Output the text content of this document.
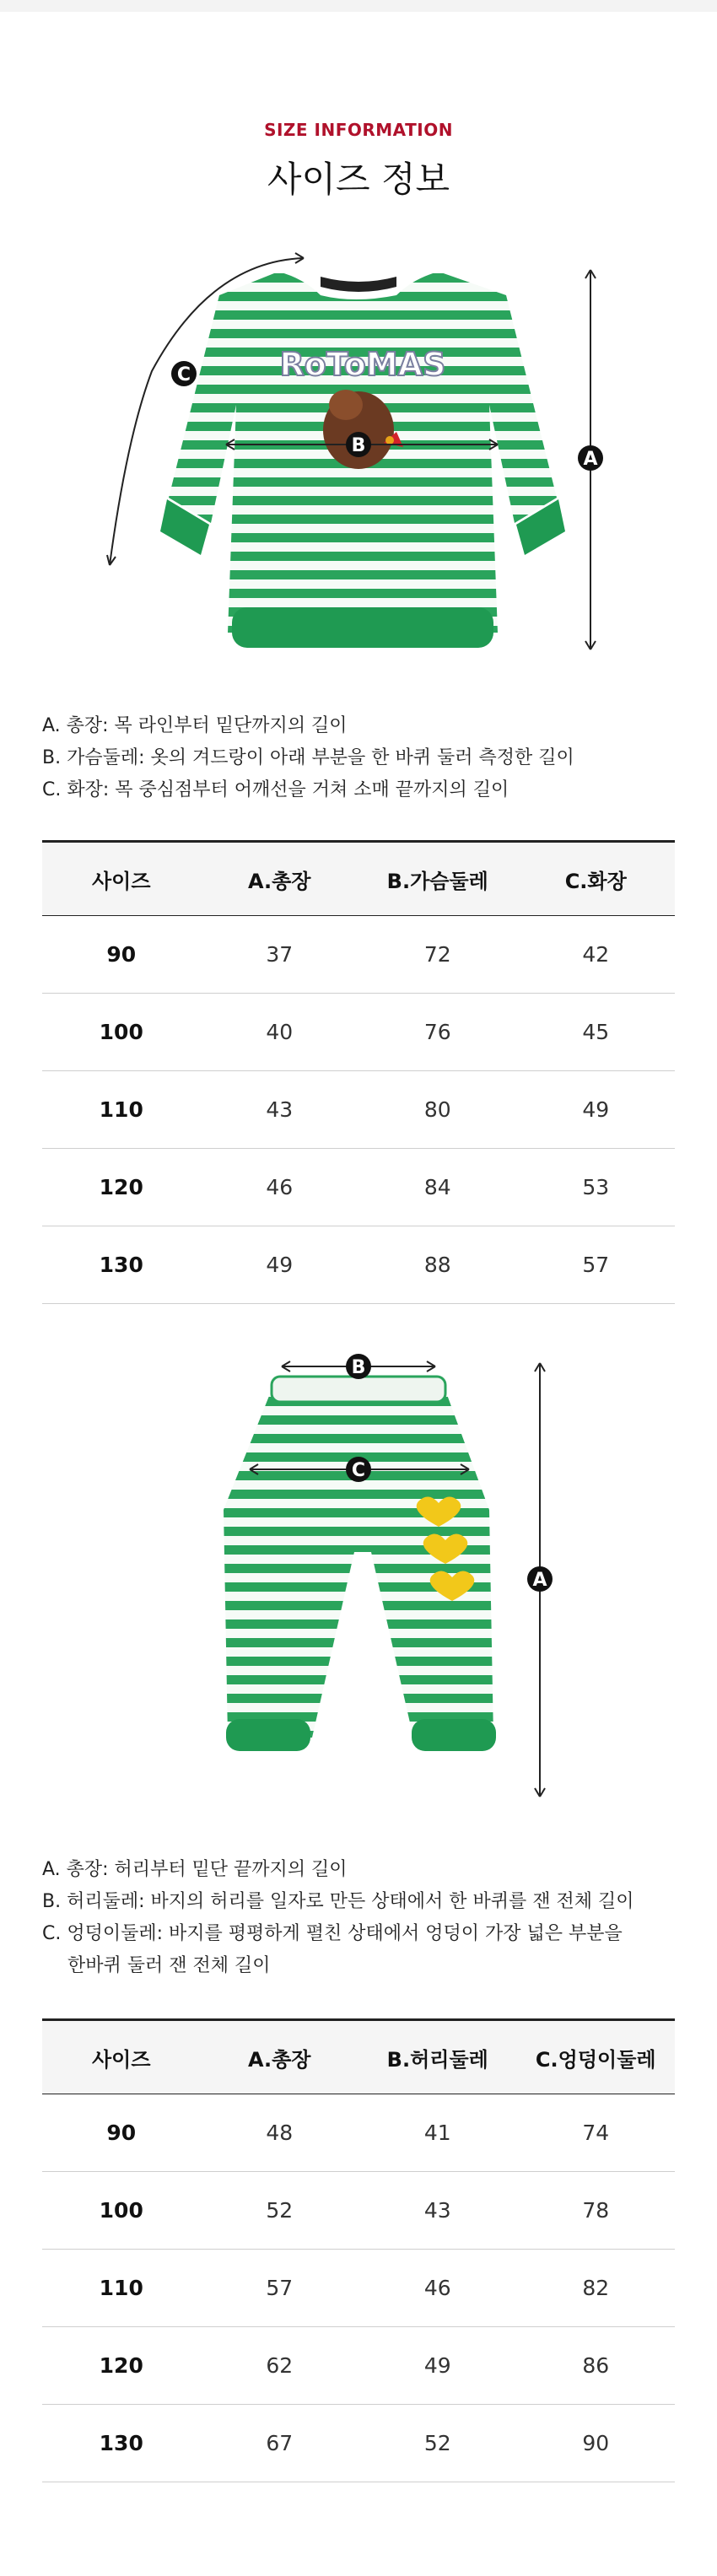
SIZE INFORMATION
사이즈 정보
RoToMAS
C
B
A
A. 총장: 목 라인부터 밑단까지의 길이
B. 가슴둘레: 옷의 겨드랑이 아래 부분을 한 바퀴 둘러 측정한 길이
C. 화장: 목 중심점부터 어깨선을 거쳐 소매 끝까지의 길이
사이즈	A.총장	B.가슴둘레	C.화장
90	37	72	42
100	40	76	45
110	43	80	49
120	46	84	53
130	49	88	57
B
C
A
A. 총장: 허리부터 밑단 끝까지의 길이
B. 허리둘레: 바지의 허리를 일자로 만든 상태에서 한 바퀴를 잰 전체 길이
C. 엉덩이둘레: 바지를 평평하게 펼친 상태에서 엉덩이 가장 넓은 부분을
한바퀴 둘러 잰 전체 길이
사이즈	A.총장	B.허리둘레	C.엉덩이둘레
90	48	41	74
100	52	43	78
110	57	46	82
120	62	49	86
130	67	52	90
